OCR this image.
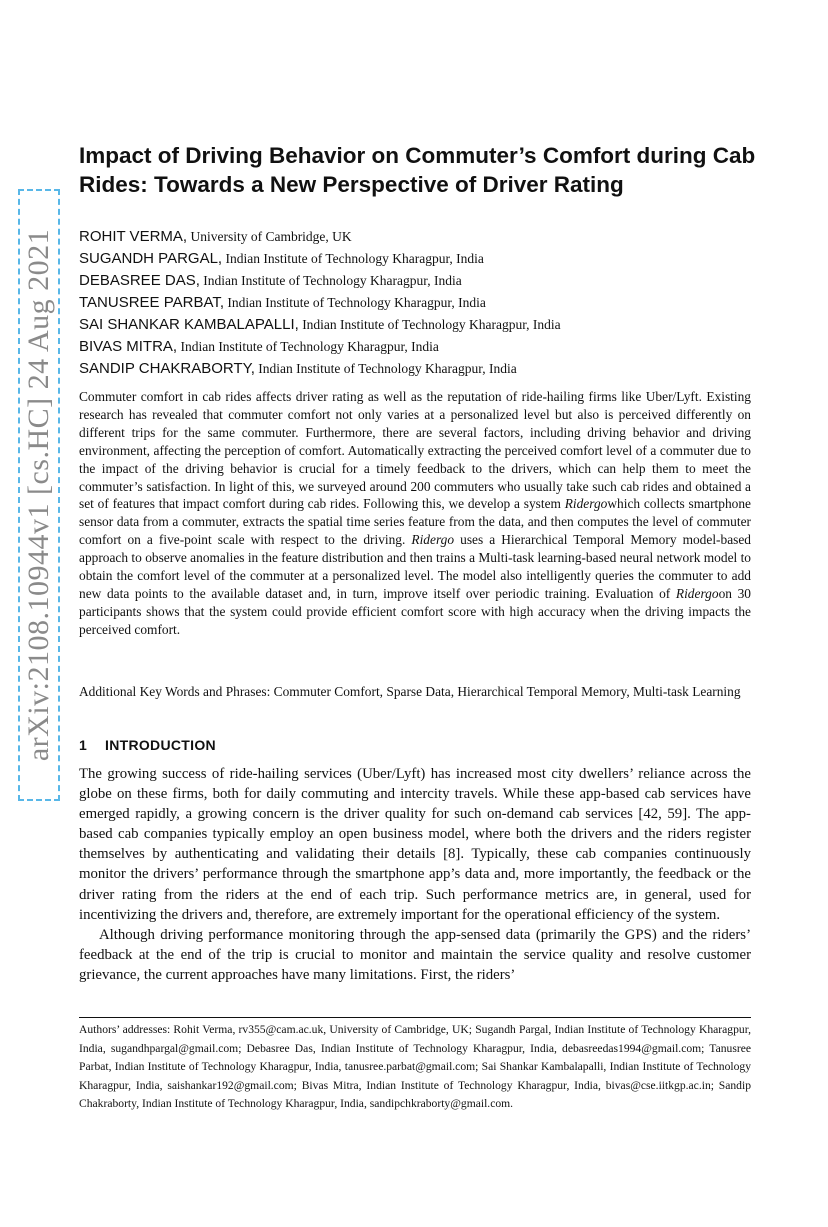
arXiv:2108.10944v1 [cs.HC] 24 Aug 2021
Impact of Driving Behavior on Commuter’s Comfort during Cab Rides: Towards a New Perspective of Driver Rating
ROHIT VERMA, University of Cambridge, UK
SUGANDH PARGAL, Indian Institute of Technology Kharagpur, India
DEBASREE DAS, Indian Institute of Technology Kharagpur, India
TANUSREE PARBAT, Indian Institute of Technology Kharagpur, India
SAI SHANKAR KAMBALAPALLI, Indian Institute of Technology Kharagpur, India
BIVAS MITRA, Indian Institute of Technology Kharagpur, India
SANDIP CHAKRABORTY, Indian Institute of Technology Kharagpur, India
Commuter comfort in cab rides affects driver rating as well as the reputation of ride-hailing firms like Uber/Lyft. Existing research has revealed that commuter comfort not only varies at a personalized level but also is perceived differently on different trips for the same commuter. Furthermore, there are several factors, including driving behavior and driving environment, affecting the perception of comfort. Automatically extracting the perceived comfort level of a commuter due to the impact of the driving behavior is crucial for a timely feedback to the drivers, which can help them to meet the commuter’s satisfaction. In light of this, we surveyed around 200 commuters who usually take such cab rides and obtained a set of features that impact comfort during cab rides. Following this, we develop a system Ridergowhich collects smartphone sensor data from a commuter, extracts the spatial time series feature from the data, and then computes the level of commuter comfort on a five-point scale with respect to the driving. Ridergo uses a Hierarchical Temporal Memory model-based approach to observe anomalies in the feature distribution and then trains a Multi-task learning-based neural network model to obtain the comfort level of the commuter at a personalized level. The model also intelligently queries the commuter to add new data points to the available dataset and, in turn, improve itself over periodic training. Evaluation of Ridergoon 30 participants shows that the system could provide efficient comfort score with high accuracy when the driving impacts the perceived comfort.
Additional Key Words and Phrases: Commuter Comfort, Sparse Data, Hierarchical Temporal Memory, Multi-task Learning
1 INTRODUCTION

The growing success of ride-hailing services (Uber/Lyft) has increased most city dwellers’ reliance across the globe on these firms, both for daily commuting and intercity travels. While these app-based cab services have emerged rapidly, a growing concern is the driver quality for such on-demand cab services [42, 59]. The app-based cab companies typically employ an open business model, where both the drivers and the riders register themselves by authenticating and validating their details [8]. Typically, these cab companies continuously monitor the drivers’ performance through the smartphone app’s data and, more importantly, the feedback or the driver rating from the riders at the end of each trip. Such performance metrics are, in general, used for incentivizing the drivers and, therefore, are extremely important for the operational efficiency of the system.

Although driving performance monitoring through the app-sensed data (primarily the GPS) and the riders’ feedback at the end of the trip is crucial to monitor and maintain the service quality and resolve customer grievance, the current approaches have many limitations. First, the riders’

Authors’ addresses: Rohit Verma, rv355@cam.ac.uk, University of Cambridge, UK; Sugandh Pargal, Indian Institute of Technology Kharagpur, India, sugandhpargal@gmail.com; Debasree Das, Indian Institute of Technology Kharagpur, India, debasreedas1994@gmail.com; Tanusree Parbat, Indian Institute of Technology Kharagpur, India, tanusree.parbat@gmail.com; Sai Shankar Kambalapalli, Indian Institute of Technology Kharagpur, India, saishankar192@gmail.com; Bivas Mitra, Indian Institute of Technology Kharagpur, India, bivas@cse.iitkgp.ac.in; Sandip Chakraborty, Indian Institute of Technology Kharagpur, India, sandipchkraborty@gmail.com.
